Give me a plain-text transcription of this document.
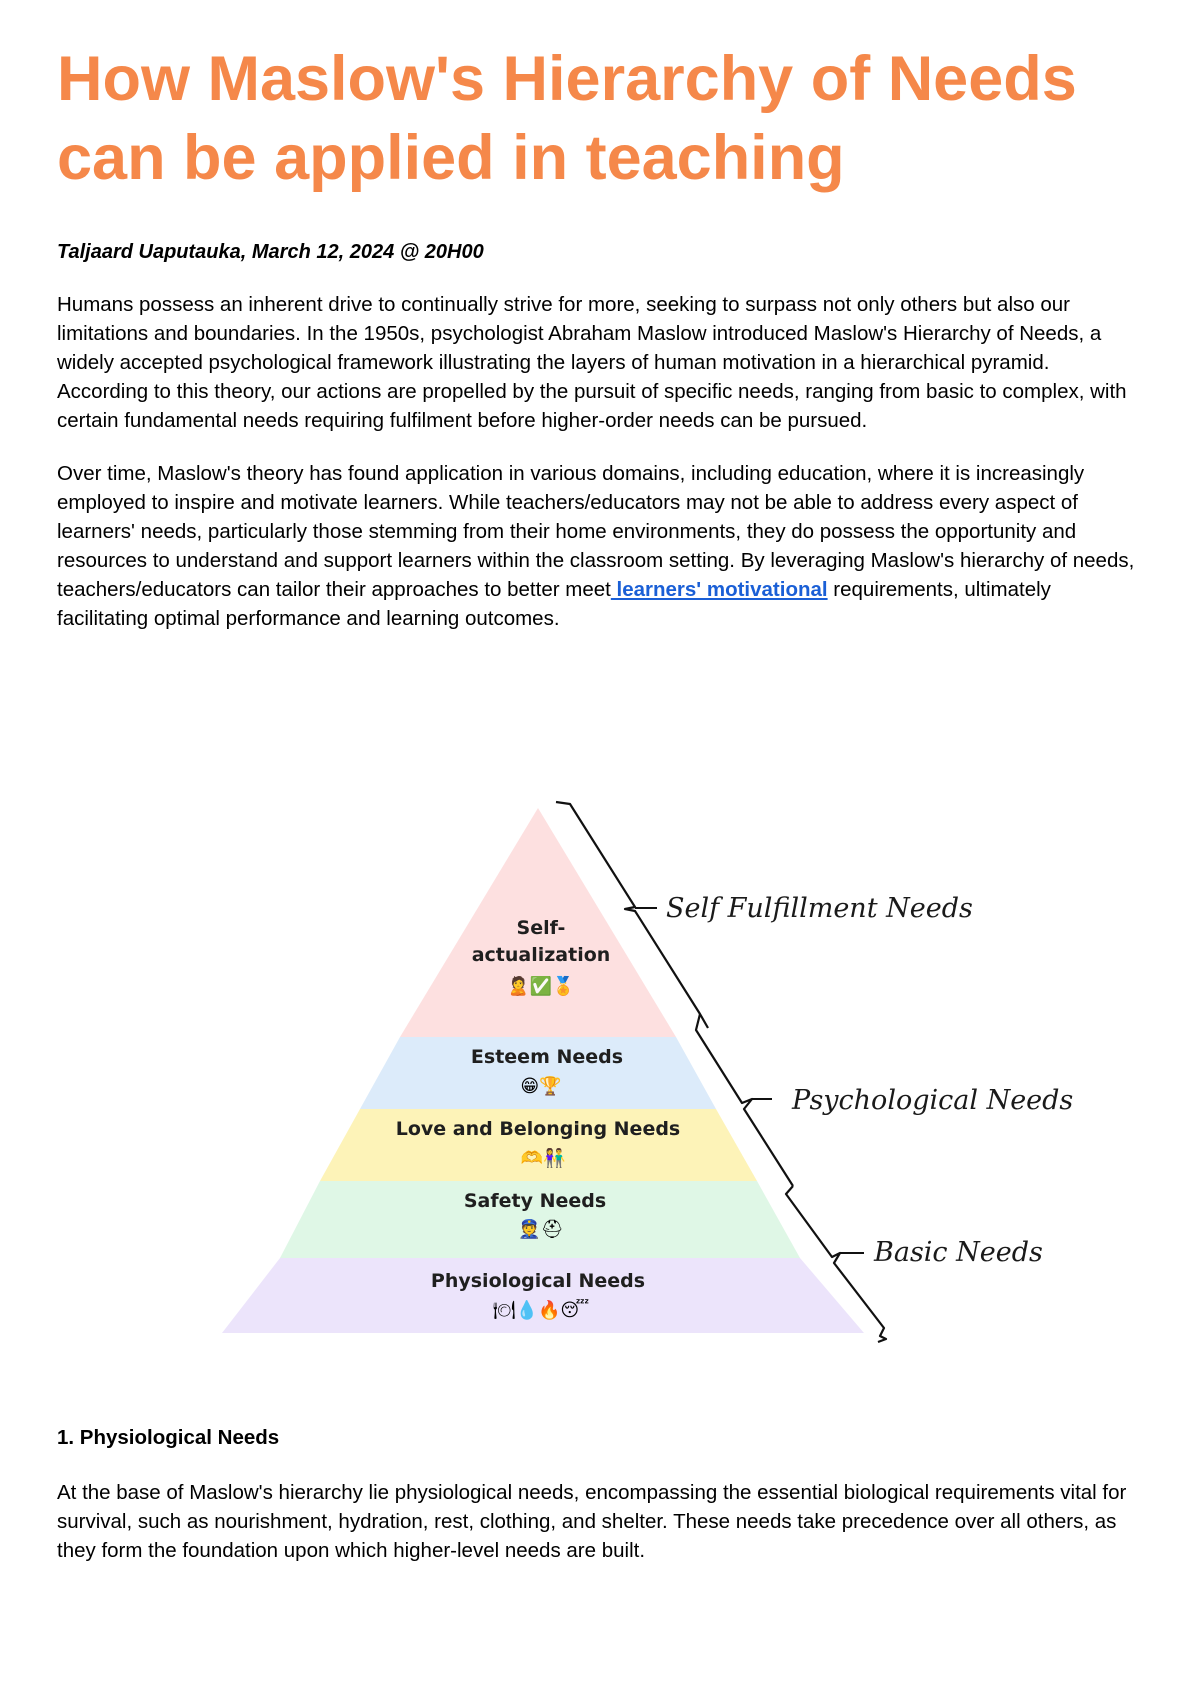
How Maslow's Hierarchy of Needs can be applied in teaching
Taljaard Uaputauka, March 12, 2024 @ 20H00

Humans possess an inherent drive to continually strive for more, seeking to surpass not only others but also our limitations and boundaries. In the 1950s, psychologist Abraham Maslow introduced Maslow's Hierarchy of Needs, a widely accepted psychological framework illustrating the layers of human motivation in a hierarchical pyramid. According to this theory, our actions are propelled by the pursuit of specific needs, ranging from basic to complex, with certain fundamental needs requiring fulfilment before higher-order needs can be pursued.

Over time, Maslow's theory has found application in various domains, including education, where it is increasingly employed to inspire and motivate learners. While teachers/educators may not be able to address every aspect of learners' needs, particularly those stemming from their home environments, they do possess the opportunity and resources to understand and support learners within the classroom setting. By leveraging Maslow's hierarchy of needs, teachers/educators can tailor their approaches to better meet learners' motivational requirements, ultimately facilitating optimal performance and learning outcomes.

Self-
actualization
🙎✅🏅
Esteem Needs
😁🏆
Love and Belonging Needs
🫶👫
Safety Needs
👮⛑
Physiological Needs
🍽💧🔥😴
Self Fulfillment Needs
Psychological Needs
Basic Needs
1. Physiological Needs

At the base of Maslow's hierarchy lie physiological needs, encompassing the essential biological requirements vital for survival, such as nourishment, hydration, rest, clothing, and shelter. These needs take precedence over all others, as they form the foundation upon which higher-level needs are built.
